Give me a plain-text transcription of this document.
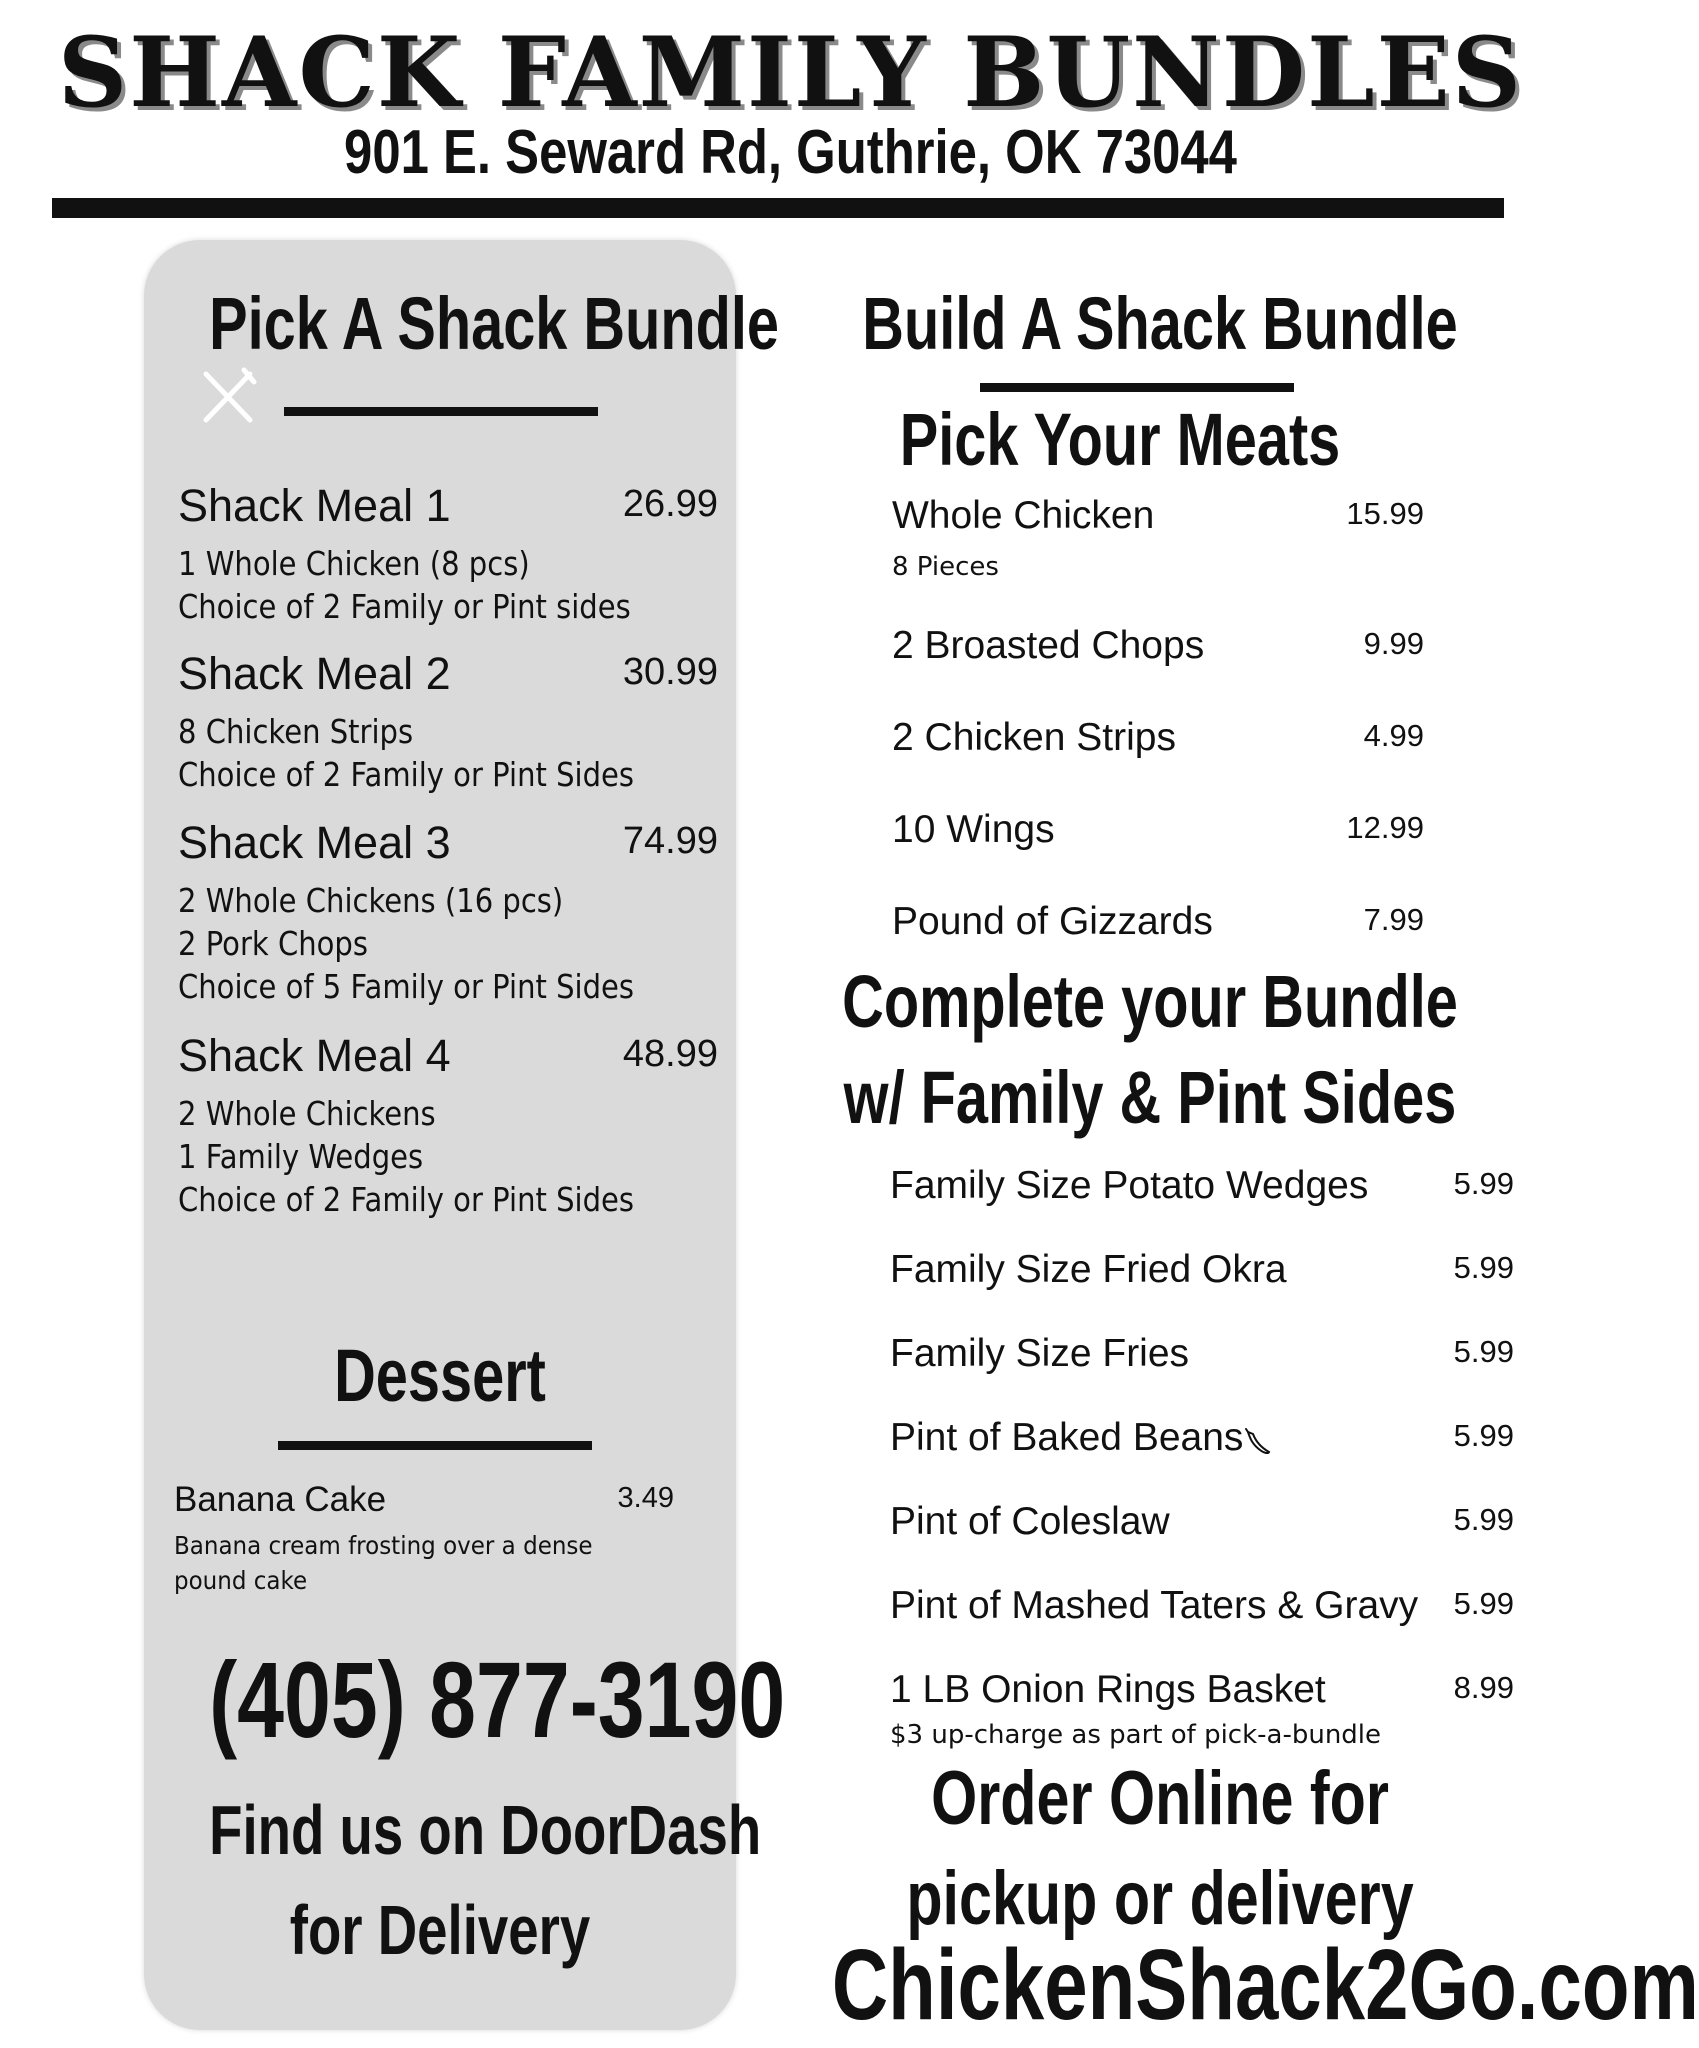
SHACK FAMILY BUNDLES
901 E. Seward Rd, Guthrie, OK 73044
Pick A Shack Bundle
Shack Meal 1	26.99
1 Whole Chicken (8 pcs)
Choice of 2 Family or Pint sides
Shack Meal 2	30.99
8 Chicken Strips
Choice of 2 Family or Pint Sides
Shack Meal 3	74.99
2 Whole Chickens (16 pcs)
2 Pork Chops
Choice of 5 Family or Pint Sides
Shack Meal 4	48.99
2 Whole Chickens
1 Family Wedges
Choice of 2 Family or Pint Sides
Dessert
Banana Cake	3.49
Banana cream frosting over a dense
pound cake
(405) 877-3190
Find us on DoorDash
for Delivery
Build A Shack Bundle
Pick Your Meats
Whole Chicken	15.99
8 Pieces
2 Broasted Chops	9.99
2 Chicken Strips	4.99
10 Wings	12.99
Pound of Gizzards	7.99
Complete your Bundle
w/ Family & Pint Sides
Family Size Potato Wedges	5.99
Family Size Fried Okra	5.99
Family Size Fries	5.99
Pint of Baked Beans	5.99
Pint of Coleslaw	5.99
Pint of Mashed Taters & Gravy	5.99
1 LB Onion Rings Basket	8.99
$3 up-charge as part of pick-a-bundle
Order Online for
pickup or delivery
ChickenShack2Go.com
